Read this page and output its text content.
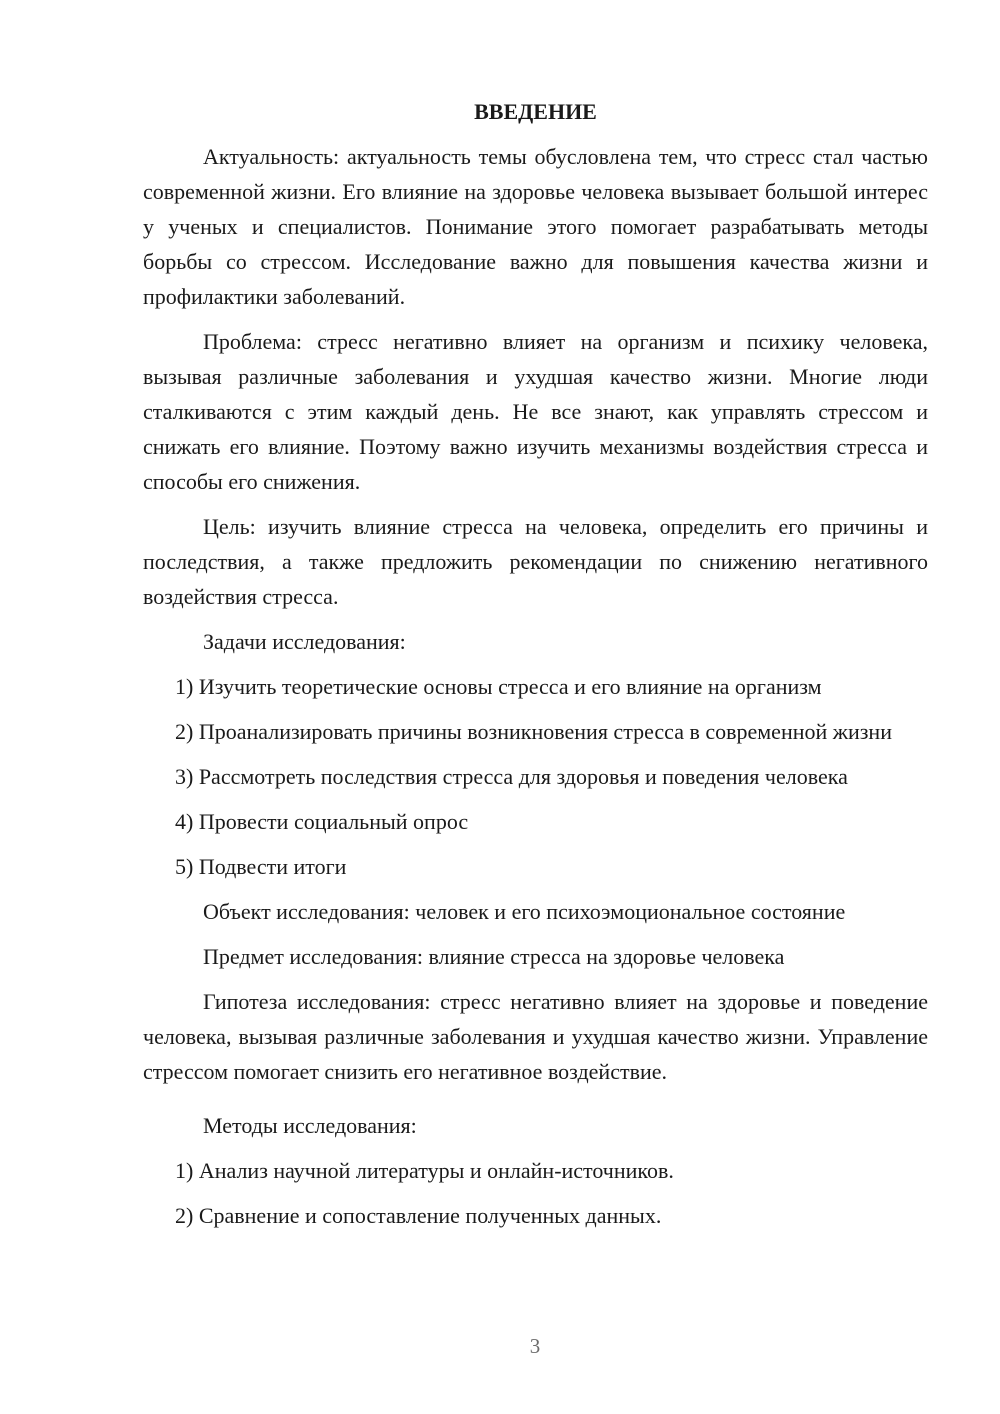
ВВЕДЕНИЕ
Актуальность: актуальность темы обусловлена тем, что стресс стал частью современной жизни. Его влияние на здоровье человека вызывает большой интерес у ученых и специалистов. Понимание этого помогает разрабатывать методы борьбы со стрессом. Исследование важно для повышения качества жизни и профилактики заболеваний.
Проблема: стресс негативно влияет на организм и психику человека, вызывая различные заболевания и ухудшая качество жизни. Многие люди сталкиваются с этим каждый день. Не все знают, как управлять стрессом и снижать его влияние. Поэтому важно изучить механизмы воздействия стресса и способы его снижения.
Цель: изучить влияние стресса на человека, определить его причины и последствия, а также предложить рекомендации по снижению негативного воздействия стресса.
Задачи исследования:
1) Изучить теоретические основы стресса и его влияние на организм
2) Проанализировать причины возникновения стресса в современной жизни
3) Рассмотреть последствия стресса для здоровья и поведения человека
4) Провести социальный опрос
5) Подвести итоги
Объект исследования: человек и его психоэмоциональное состояние
Предмет исследования: влияние стресса на здоровье человека
Гипотеза исследования: стресс негативно влияет на здоровье и поведение человека, вызывая различные заболевания и ухудшая качество жизни. Управление стрессом помогает снизить его негативное воздействие.
Методы исследования:
1) Анализ научной литературы и онлайн-источников.
2) Сравнение и сопоставление полученных данных.
3
